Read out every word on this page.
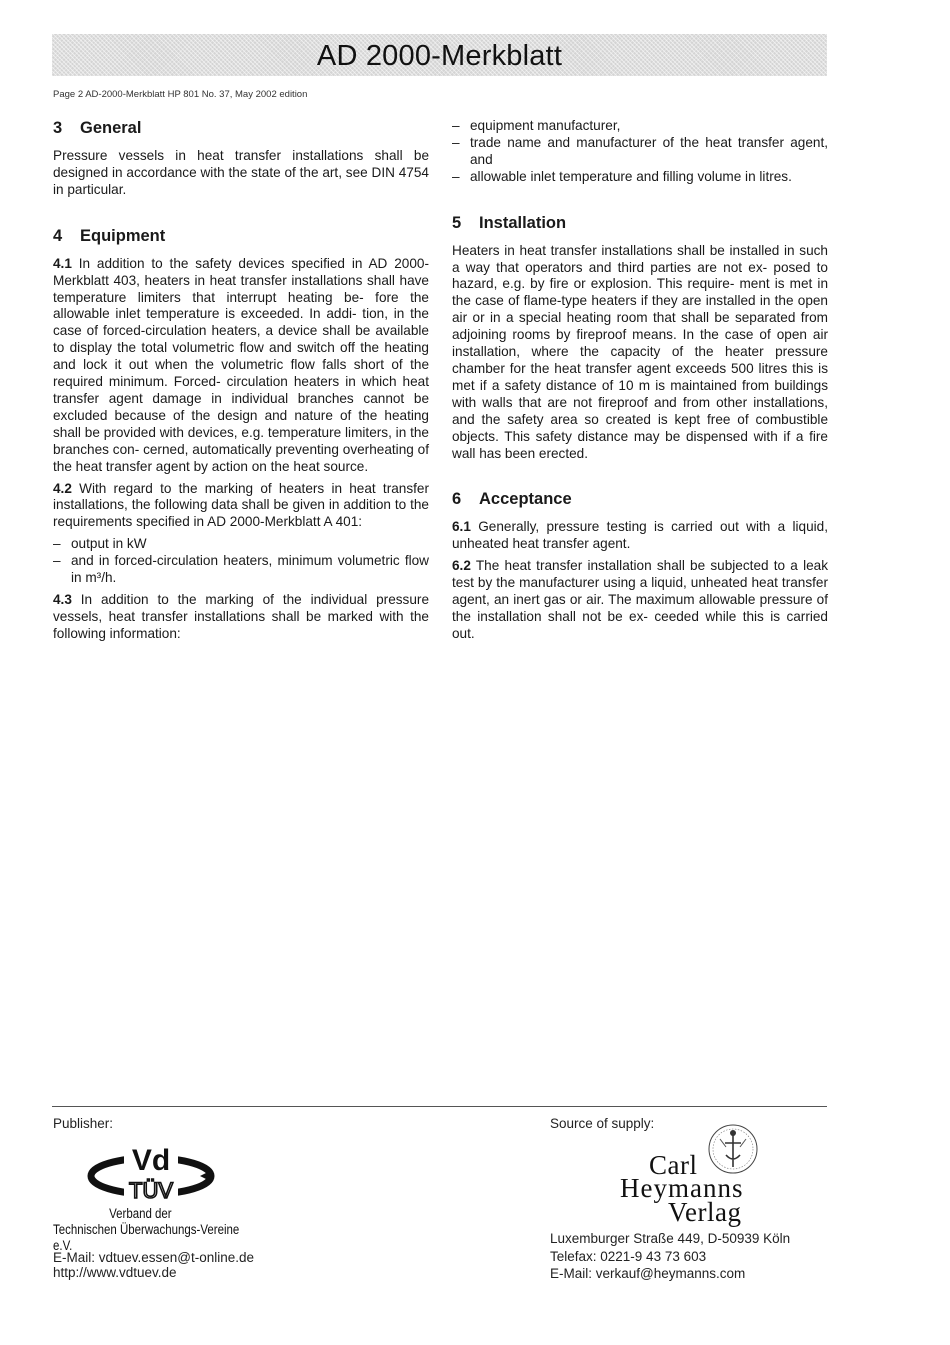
AD 2000-Merkblatt
Page 2 AD-2000-Merkblatt HP 801 No. 37, May 2002 edition
3 General

Pressure vessels in heat transfer installations shall be designed in accordance with the state of the art, see DIN 4754 in particular.

4 Equipment

4.1 In addition to the safety devices specified in AD 2000-Merkblatt 403, heaters in heat transfer installations shall have temperature limiters that interrupt heating be- fore the allowable inlet temperature is exceeded. In addi- tion, in the case of forced-circulation heaters, a device shall be available to display the total volumetric flow and switch off the heating and lock it out when the volumetric flow falls short of the required minimum. Forced- circulation heaters in which heat transfer agent damage in individual branches cannot be excluded because of the design and nature of the heating shall be provided with devices, e.g. temperature limiters, in the branches con- cerned, automatically preventing overheating of the heat transfer agent by action on the heat source.

4.2 With regard to the marking of heaters in heat transfer installations, the following data shall be given in addition to the requirements specified in AD 2000-Merkblatt A 401:

– output in kW
– and in forced-circulation heaters, minimum volumetric flow in m³/h.

4.3 In addition to the marking of the individual pressure vessels, heat transfer installations shall be marked with the following information:

– equipment manufacturer,
– trade name and manufacturer of the heat transfer agent, and
– allowable inlet temperature and filling volume in litres.
5 Installation

Heaters in heat transfer installations shall be installed in such a way that operators and third parties are not ex- posed to hazard, e.g. by fire or explosion. This require- ment is met in the case of flame-type heaters if they are installed in the open air or in a special heating room that shall be separated from adjoining rooms by fireproof means. In the case of open air installation, where the capacity of the heater pressure chamber for the heat transfer agent exceeds 500 litres this is met if a safety distance of 10 m is maintained from buildings with walls that are not fireproof and from other installations, and the safety area so created is kept free of combustible objects. This safety distance may be dispensed with if a fire wall has been erected.

6 Acceptance

6.1 Generally, pressure testing is carried out with a liquid, unheated heat transfer agent.

6.2 The heat transfer installation shall be subjected to a leak test by the manufacturer using a liquid, unheated heat transfer agent, an inert gas or air. The maximum allowable pressure of the installation shall not be ex- ceeded while this is carried out.

Publisher:
Vd
TÜV
Verband der
Technischen Überwachungs-Vereine e.V.
E-Mail: vdtuev.essen@t-online.de
http://www.vdtuev.de
Source of supply:
Carl
Heymanns
Verlag
Luxemburger Straße 449, D-50939 Köln
Telefax: 0221-9 43 73 603
E-Mail: verkauf@heymanns.com
